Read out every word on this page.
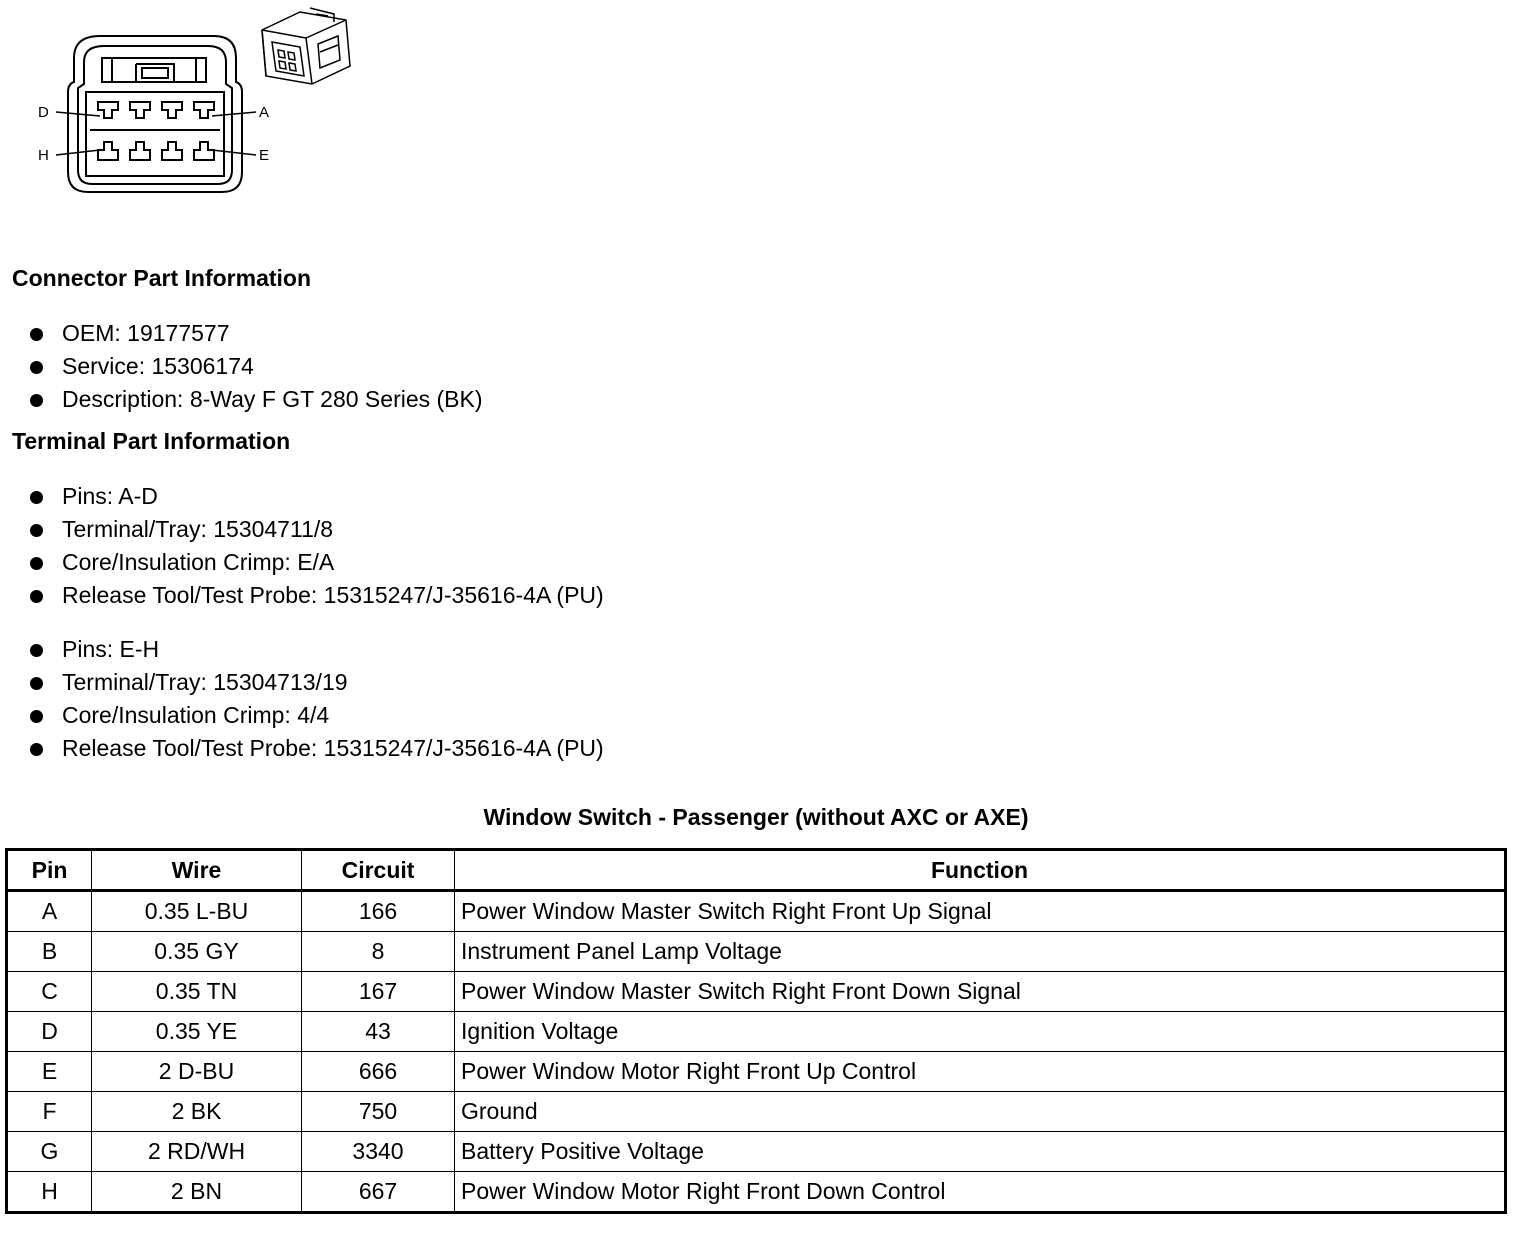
D	A
H	E
Connector Part Information
OEM: 19177577
Service: 15306174
Description: 8-Way F GT 280 Series (BK)
Terminal Part Information
Pins: A-D
Terminal/Tray: 15304711/8
Core/Insulation Crimp: E/A
Release Tool/Test Probe: 15315247/J-35616-4A (PU)
Pins: E-H
Terminal/Tray: 15304713/19
Core/Insulation Crimp: 4/4
Release Tool/Test Probe: 15315247/J-35616-4A (PU)
Window Switch - Passenger (without AXC or AXE)
Pin	Wire	Circuit	Function
A	0.35 L-BU	166	Power Window Master Switch Right Front Up Signal
B	0.35 GY	8	Instrument Panel Lamp Voltage
C	0.35 TN	167	Power Window Master Switch Right Front Down Signal
D	0.35 YE	43	Ignition Voltage
E	2 D-BU	666	Power Window Motor Right Front Up Control
F	2 BK	750	Ground
G	2 RD/WH	3340	Battery Positive Voltage
H	2 BN	667	Power Window Motor Right Front Down Control
